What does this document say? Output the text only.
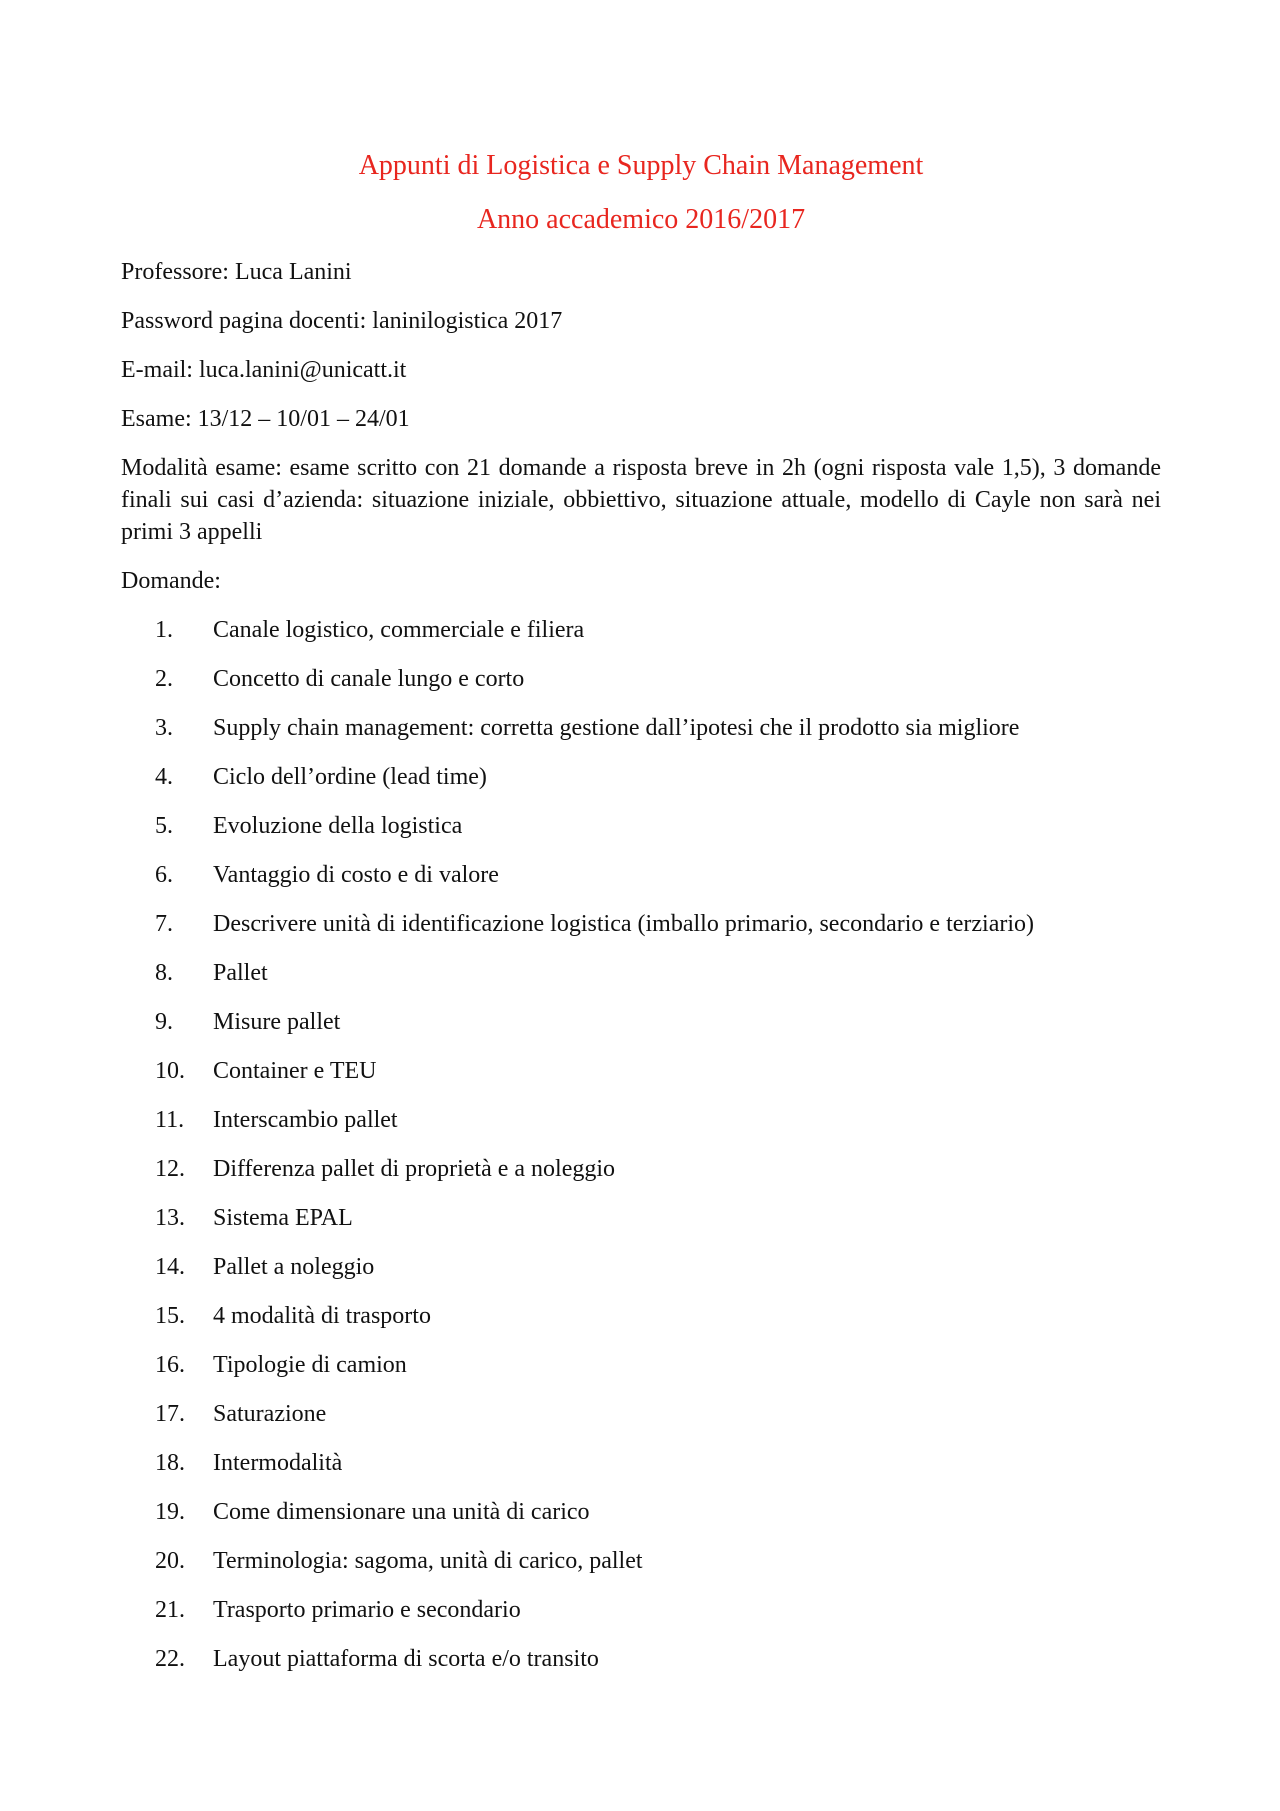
Appunti di Logistica e Supply Chain Management

Anno accademico 2016/2017

Professore: Luca Lanini

Password pagina docenti: laninilogistica 2017

E-mail: luca.lanini@unicatt.it

Esame: 13/12 – 10/01 – 24/01

Modalità esame: esame scritto con 21 domande a risposta breve in 2h (ogni risposta vale 1,5), 3 domande finali sui casi d’azienda: situazione iniziale, obbiettivo, situazione attuale, modello di Cayle non sarà nei primi 3 appelli

Domande:

1.	Canale logistico, commerciale e filiera
2.	Concetto di canale lungo e corto
3.	Supply chain management: corretta gestione dall’ipotesi che il prodotto sia migliore
4.	Ciclo dell’ordine (lead time)
5.	Evoluzione della logistica
6.	Vantaggio di costo e di valore
7.	Descrivere unità di identificazione logistica (imballo primario, secondario e terziario)
8.	Pallet
9.	Misure pallet
10.	Container e TEU
11.	Interscambio pallet
12.	Differenza pallet di proprietà e a noleggio
13.	Sistema EPAL
14.	Pallet a noleggio
15.	4 modalità di trasporto
16.	Tipologie di camion
17.	Saturazione
18.	Intermodalità
19.	Come dimensionare una unità di carico
20.	Terminologia: sagoma, unità di carico, pallet
21.	Trasporto primario e secondario
22.	Layout piattaforma di scorta e/o transito
